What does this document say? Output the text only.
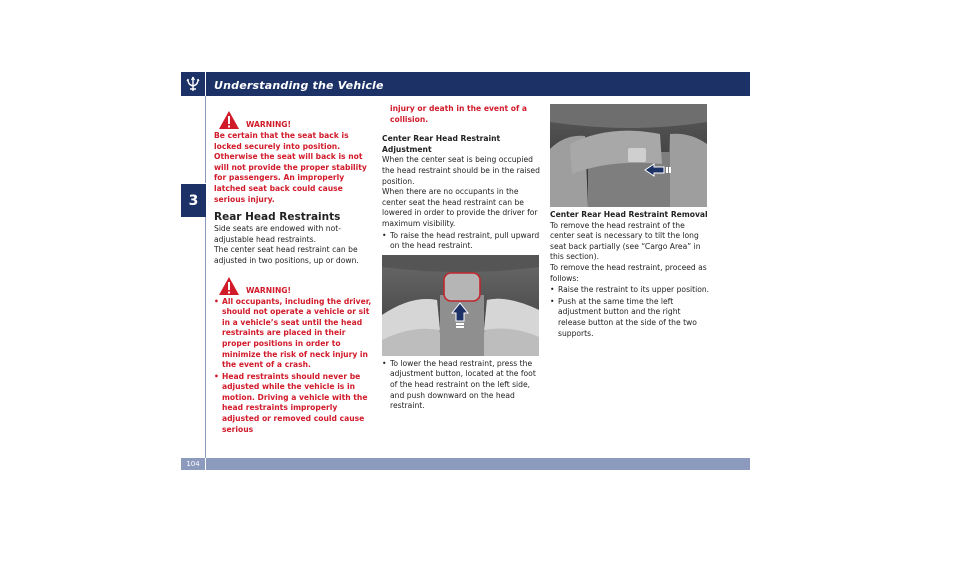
Understanding the Vehicle
3
104
WARNING!

Be certain that the seat back is locked securely into position. Otherwise the seat will back is not will not provide the proper stability for passengers. An improperly latched seat back could cause serious injury.

Rear Head Restraints

Side seats are endowed with not-adjustable head restraints.

The center seat head restraint can be adjusted in two positions, up or down.

WARNING!

• All occupants, including the driver, should not operate a vehicle or sit in a vehicle’s seat until the head restraints are placed in their proper positions in order to minimize the risk of neck injury in the event of a crash.

• Head restraints should never be adjusted while the vehicle is in motion. Driving a vehicle with the head restraints improperly adjusted or removed could cause serious

injury or death in the event of a collision.

Center Rear Head Restraint Adjustment

When the center seat is being occupied the head restraint should be in the raised position.

When there are no occupants in the center seat the head restraint can be lowered in order to provide the driver for maximum visibility.

• To raise the head restraint, pull upward on the head restraint.

• To lower the head restraint, press the adjustment button, located at the foot of the head restraint on the left side, and push downward on the head restraint.

Center Rear Head Restraint Removal

To remove the head restraint of the center seat is necessary to tilt the long seat back partially (see “Cargo Area” in this section).

To remove the head restraint, proceed as follows:

• Raise the restraint to its upper position.

• Push at the same time the left adjustment button and the right release button at the side of the two supports.
